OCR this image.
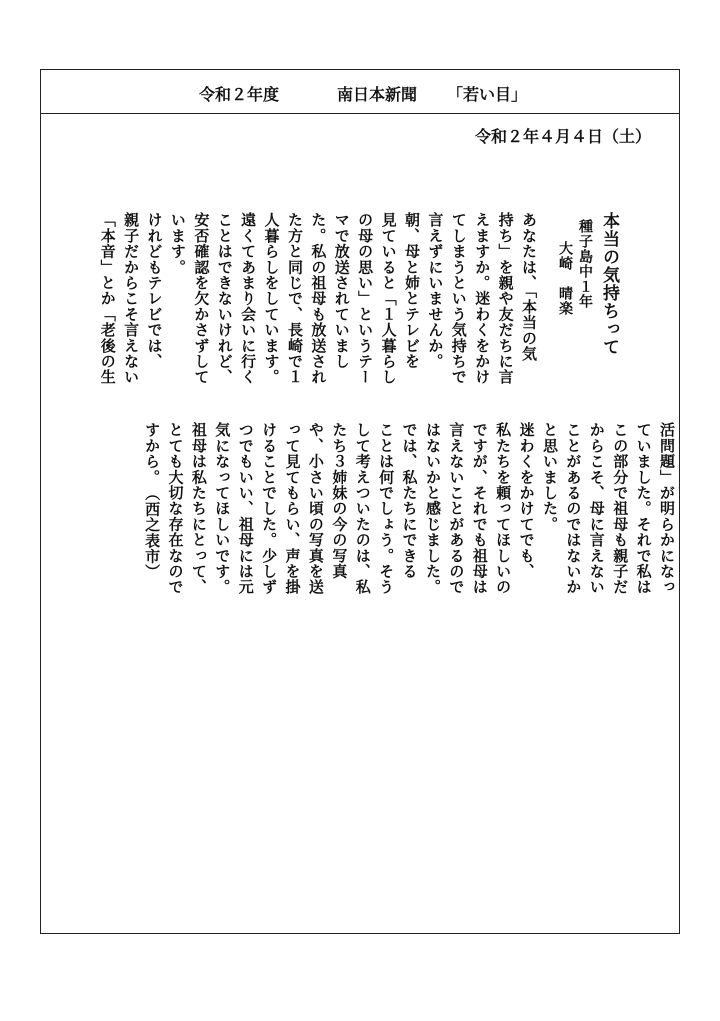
令和２年度	南日本新聞 「若い目」
令和２年４月４日（土）
本当の気持ちって
種子島中１年
大崎　晴楽
あなたは、「本当の気
持ち」を親や友だちに言
えますか。迷わくをかけ
てしまうという気持ちで
言えずにいませんか。
朝、母と姉とテレビを
見ていると「１人暮らし
の母の思い」というテー
マで放送されていまし
た。私の祖母も放送され
た方と同じで、長崎で１
人暮らしをしています。
遠くてあまり会いに行く
ことはできないけれど、
安否確認を欠かさずして
います。
けれどもテレビでは、
親子だからこそ言えない
「本音」とか「老後の生
活問題」が明らかになっ
ていました。それで私は
この部分で祖母も親子だ
からこそ、母に言えない
ことがあるのではないか
と思いました。
迷わくをかけてでも、
私たちを頼ってほしいの
ですが、それでも祖母は
言えないことがあるので
はないかと感じました。
では、私たちにできる
ことは何でしょう。そう
して考えついたのは、私
たち３姉妹の今の写真
や、小さい頃の写真を送
って見てもらい、声を掛
けることでした。少しず
つでもいい、祖母には元
気になってほしいです。
祖母は私たちにとって、
とても大切な存在なので
すから。　（西之表市）
